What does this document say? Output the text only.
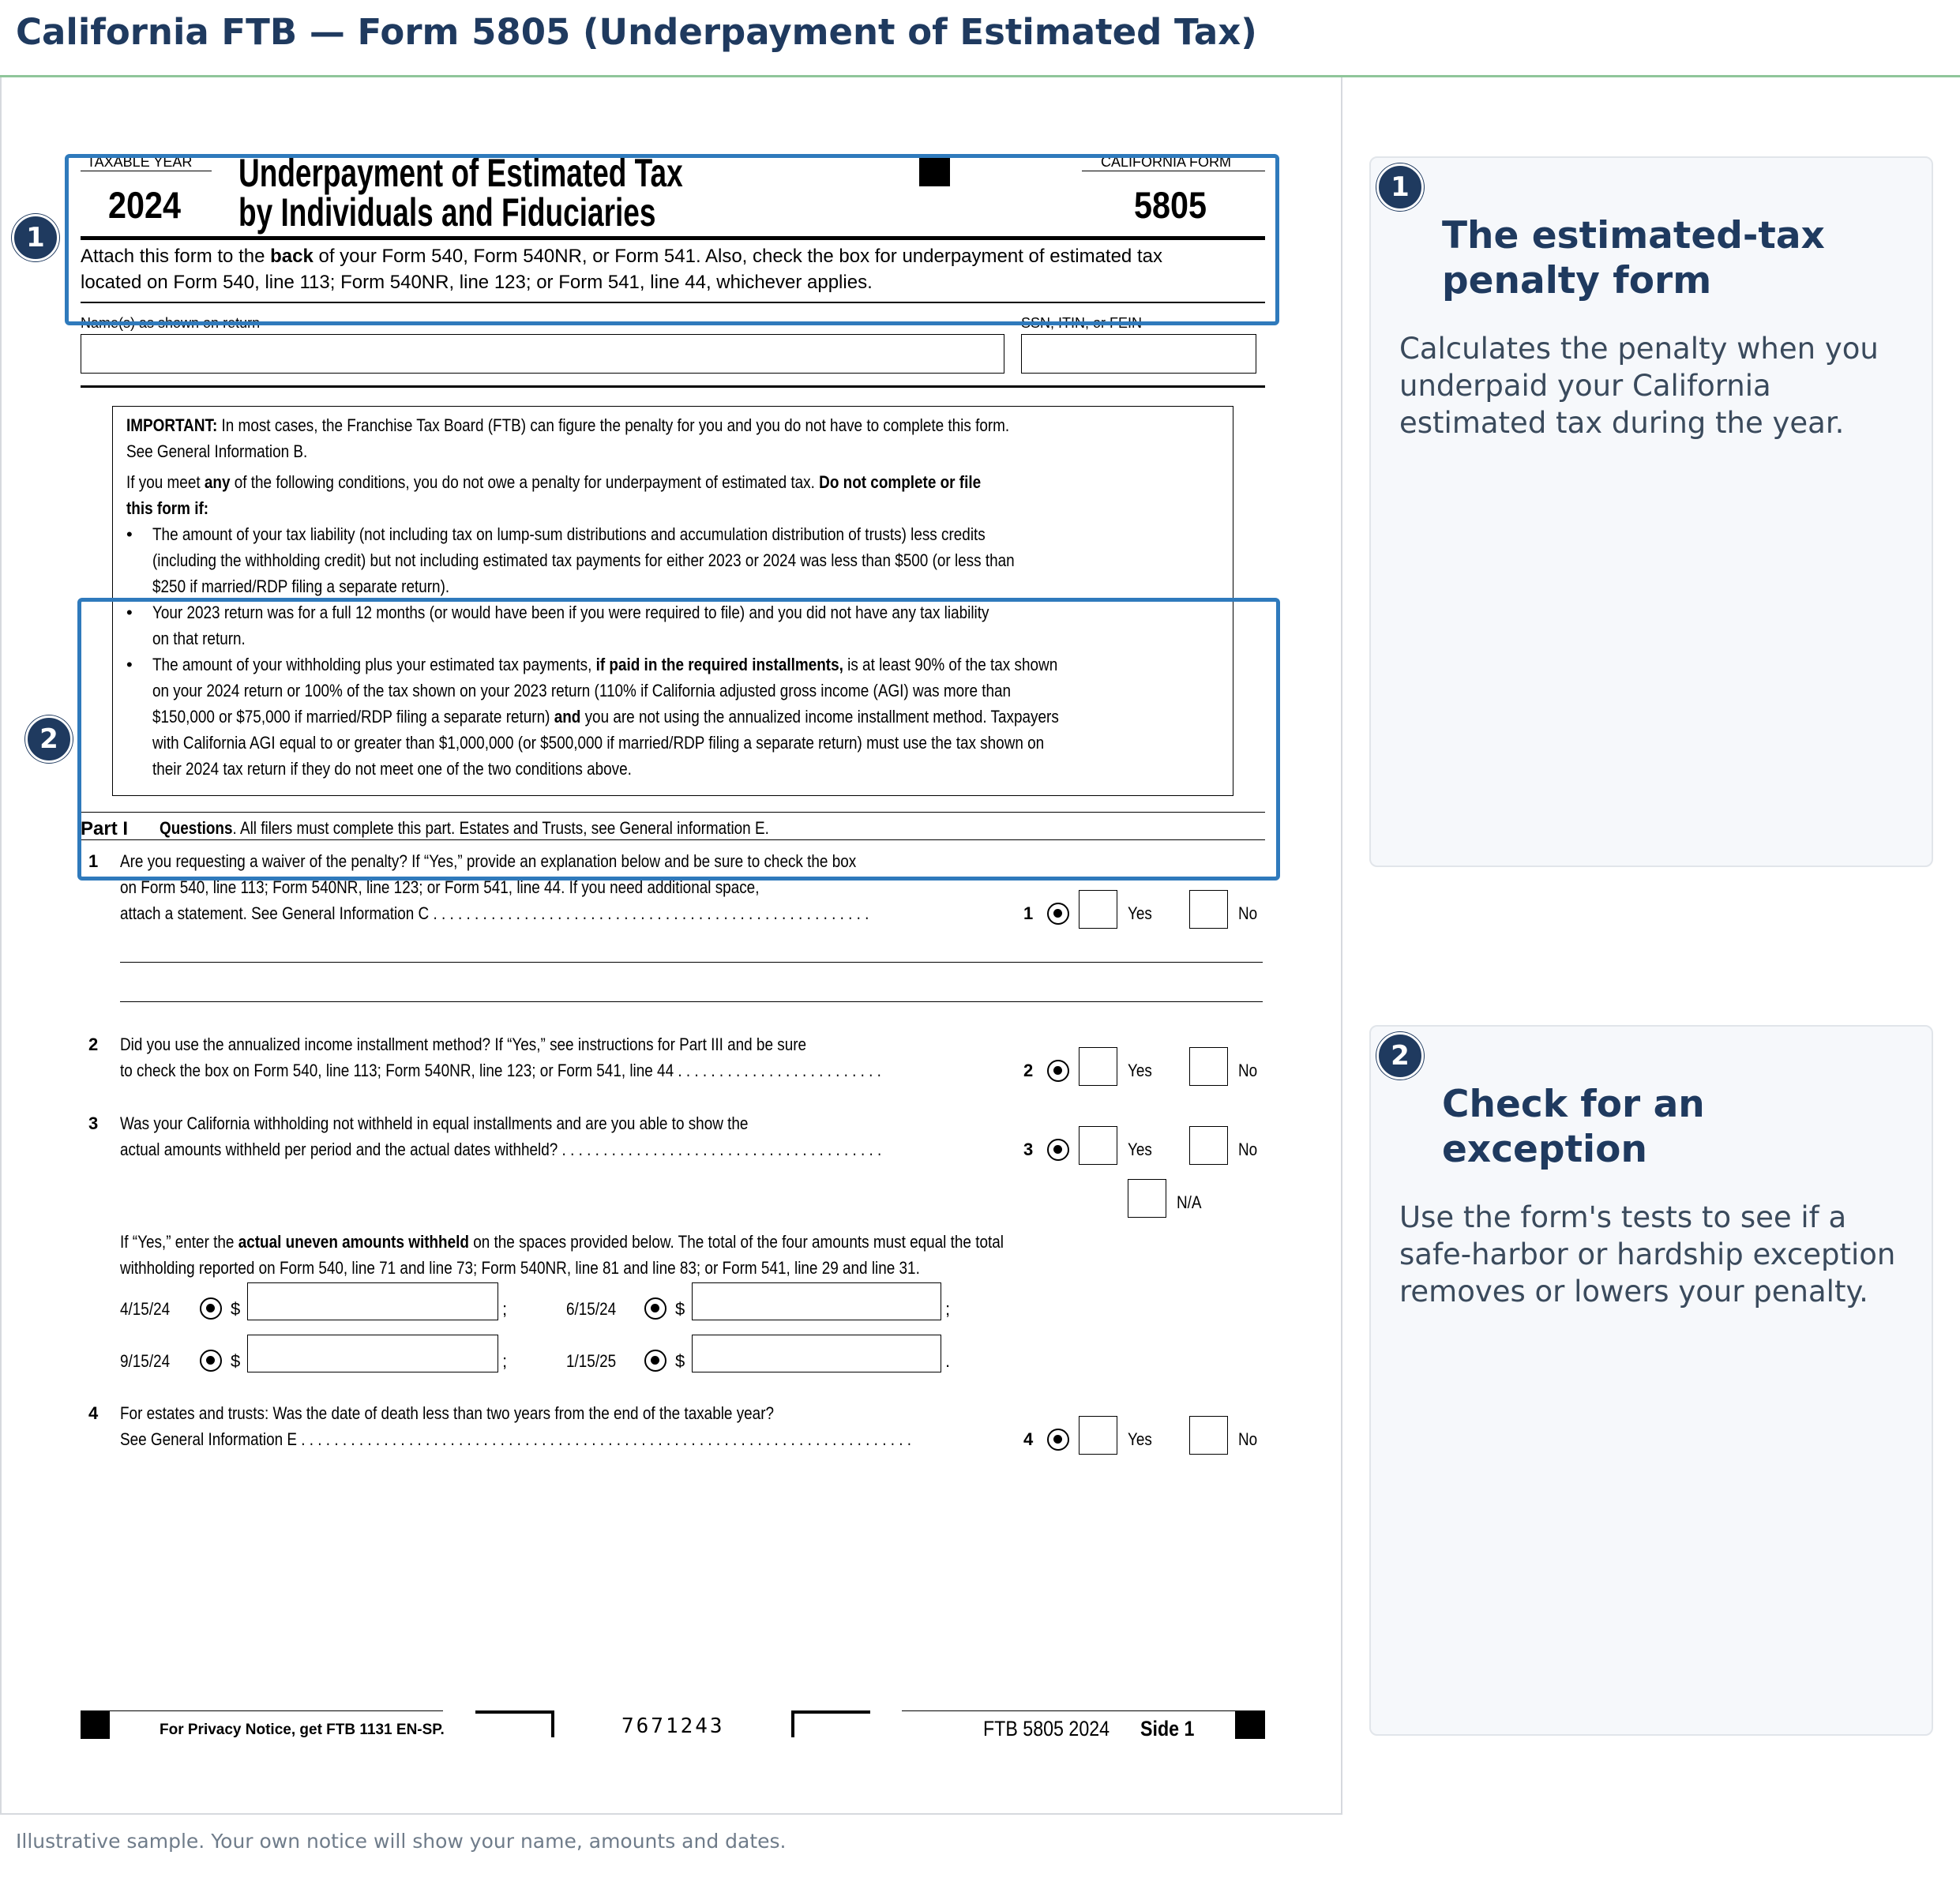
California FTB — Form 5805 (Underpayment of Estimated Tax)
TAXABLE YEAR
2024
Underpayment of Estimated Tax
by Individuals and Fiduciaries
CALIFORNIA FORM
5805
Attach this form to the back of your Form 540, Form 540NR, or Form 541. Also, check the box for underpayment of estimated tax
located on Form 540, line 113; Form 540NR, line 123; or Form 541, line 44, whichever applies.
Name(s) as shown on return	SSN, ITIN, or FEIN
IMPORTANT: In most cases, the Franchise Tax Board (FTB) can figure the penalty for you and you do not have to complete this form.
See General Information B.
If you meet any of the following conditions, you do not owe a penalty for underpayment of estimated tax. Do not complete or file
this form if:
• The amount of your tax liability (not including tax on lump-sum distributions and accumulation distribution of trusts) less credits
(including the withholding credit) but not including estimated tax payments for either 2023 or 2024 was less than $500 (or less than
$250 if married/RDP filing a separate return).
• Your 2023 return was for a full 12 months (or would have been if you were required to file) and you did not have any tax liability
on that return.
• The amount of your withholding plus your estimated tax payments, if paid in the required installments, is at least 90% of the tax shown
on your 2024 return or 100% of the tax shown on your 2023 return (110% if California adjusted gross income (AGI) was more than
$150,000 or $75,000 if married/RDP filing a separate return) and you are not using the annualized income installment method. Taxpayers
with California AGI equal to or greater than $1,000,000 (or $500,000 if married/RDP filing a separate return) must use the tax shown on
their 2024 tax return if they do not meet one of the two conditions above.
Part I Questions. All filers must complete this part. Estates and Trusts, see General information E.
1 Are you requesting a waiver of the penalty? If “Yes,” provide an explanation below and be sure to check the box
on Form 540, line 113; Form 540NR, line 123; or Form 541, line 44. If you need additional space,
attach a statement. See General Information C . . . . . . . . . . . . . . . . . . . . . . . . . . . . . . . . . . . . . . . . . . . . . . . . . . . . .	1	Yes	No
2 Did you use the annualized income installment method? If “Yes,” see instructions for Part III and be sure
to check the box on Form 540, line 113; Form 540NR, line 123; or Form 541, line 44 . . . . . . . . . . . . . . . . . . . . . . . . .	2	Yes	No
3 Was your California withholding not withheld in equal installments and are you able to show the
actual amounts withheld per period and the actual dates withheld? . . . . . . . . . . . . . . . . . . . . . . . . . . . . . . . . . . . . . . .	3	Yes	No
N/A
If “Yes,” enter the actual uneven amounts withheld on the spaces provided below. The total of the four amounts must equal the total
withholding reported on Form 540, line 71 and line 73; Form 540NR, line 81 and line 83; or Form 541, line 29 and line 31.
4/15/24	$	;	6/15/24	$	;
9/15/24	$	;	1/15/25	$	.
4 For estates and trusts: Was the date of death less than two years from the end of the taxable year?
See General Information E . . . . . . . . . . . . . . . . . . . . . . . . . . . . . . . . . . . . . . . . . . . . . . . . . . . . . . . . . . . . . . . . . . . . . . . . . .	4	Yes	No
For Privacy Notice, get FTB 1131 EN-SP.	7671243	FTB 5805 2024 Side 1
1
2
1
The estimated-tax penalty form
Calculates the penalty when you underpaid your California estimated tax during the year.
2
Check for an exception
Use the form's tests to see if a safe-harbor or hardship exception removes or lowers your penalty.
Illustrative sample. Your own notice will show your name, amounts and dates.
